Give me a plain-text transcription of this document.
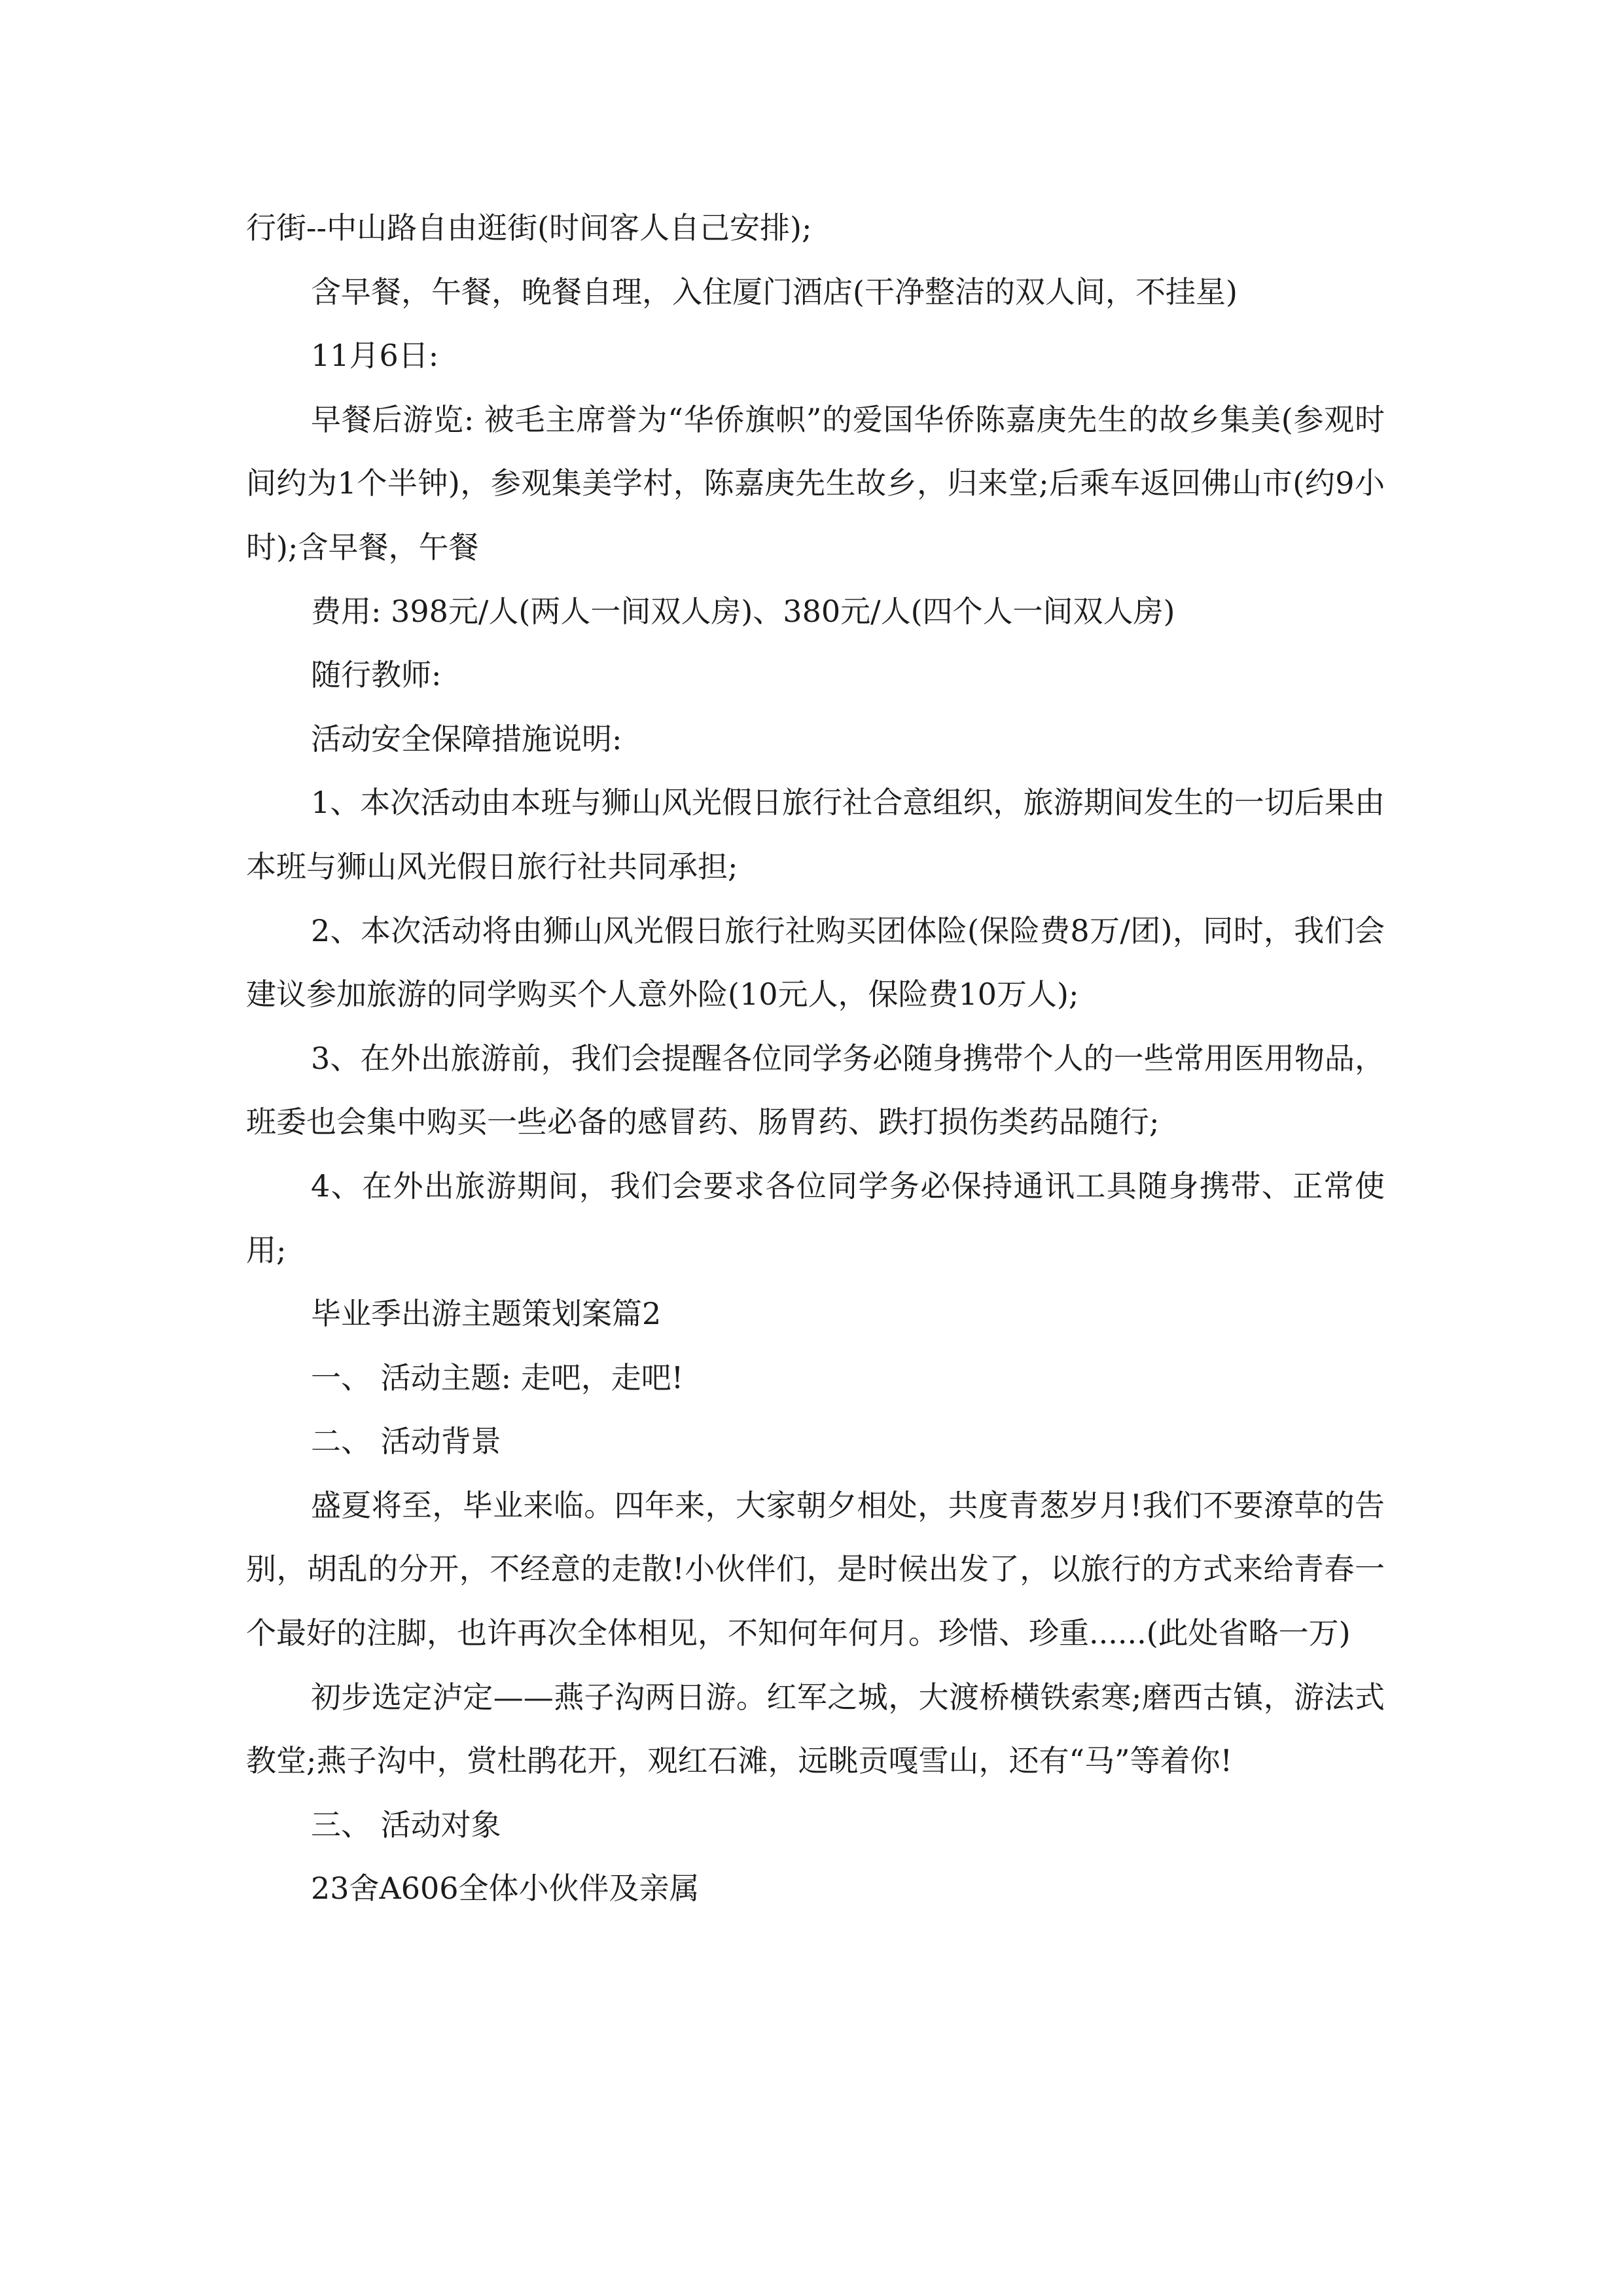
行街--中山路自由逛街(时间客人自己安排);

含早餐，午餐，晚餐自理，入住厦门酒店(干净整洁的双人间，不挂星)

11月6日:

早餐后游览: 被毛主席誉为“华侨旗帜”的爱国华侨陈嘉庚先生的故乡集美(参观时间约为1个半钟)，参观集美学村，陈嘉庚先生故乡，归来堂;后乘车返回佛山市(约9小时);含早餐，午餐

费用: 398元/人(两人一间双人房)、380元/人(四个人一间双人房)

随行教师:

活动安全保障措施说明:

1、本次活动由本班与狮山风光假日旅行社合意组织，旅游期间发生的一切后果由本班与狮山风光假日旅行社共同承担;

2、本次活动将由狮山风光假日旅行社购买团体险(保险费8万/团)，同时，我们会建议参加旅游的同学购买个人意外险(10元人，保险费10万人);

3、在外出旅游前，我们会提醒各位同学务必随身携带个人的一些常用医用物品，班委也会集中购买一些必备的感冒药、肠胃药、跌打损伤类药品随行;

4、在外出旅游期间，我们会要求各位同学务必保持通讯工具随身携带、正常使用;

毕业季出游主题策划案篇2

一、 活动主题: 走吧，走吧!

二、 活动背景

盛夏将至，毕业来临。四年来，大家朝夕相处，共度青葱岁月!我们不要潦草的告别，胡乱的分开，不经意的走散!小伙伴们，是时候出发了，以旅行的方式来给青春一个最好的注脚，也许再次全体相见，不知何年何月。珍惜、珍重......(此处省略一万)

初步选定泸定——燕子沟两日游。红军之城，大渡桥横铁索寒;磨西古镇，游法式教堂;燕子沟中，赏杜鹃花开，观红石滩，远眺贡嘎雪山，还有“马”等着你!

三、 活动对象

23舍A606全体小伙伴及亲属
